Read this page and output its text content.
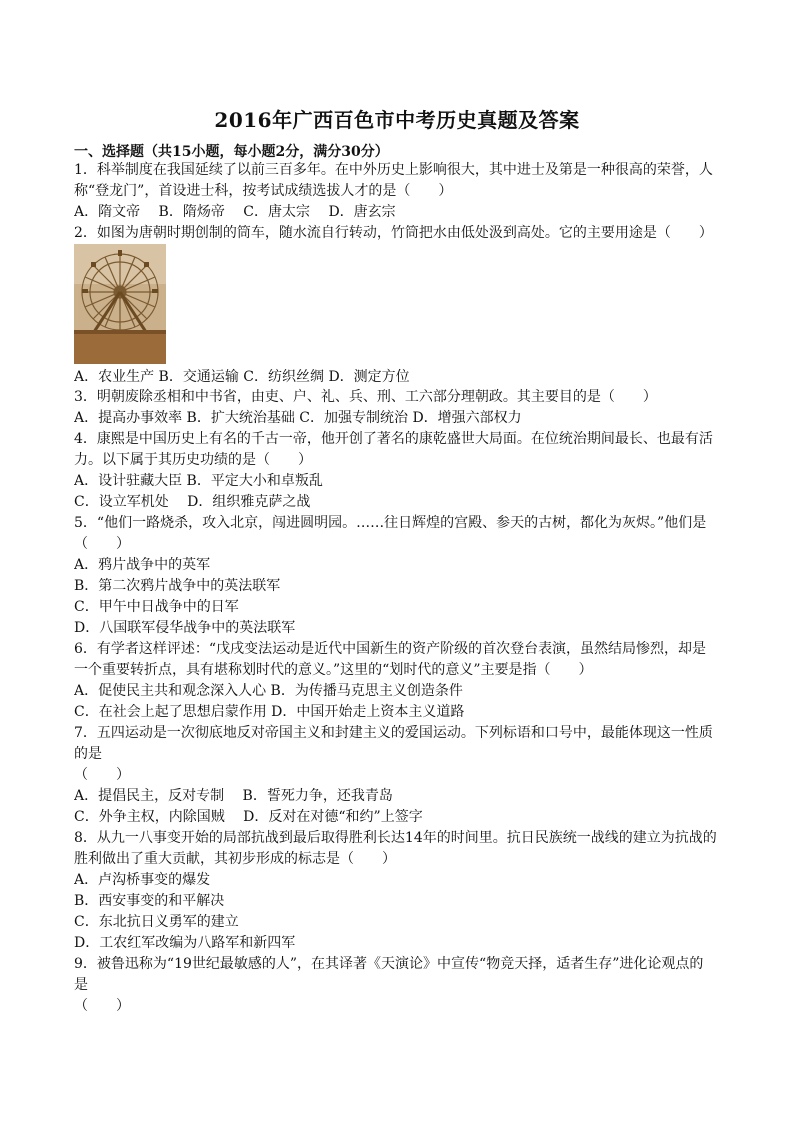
2016年广西百色市中考历史真题及答案
一、选择题（共15小题，每小题2分，满分30分）
1．科举制度在我国延续了以前三百多年。在中外历史上影响很大，其中进士及第是一种很高的荣誉，人
称“登龙门”，首设进士科，按考试成绩选拔人才的是（　　）
A．隋文帝　 B．隋炀帝　 C．唐太宗　 D．唐玄宗
2．如图为唐朝时期创制的筒车，随水流自行转动，竹筒把水由低处汲到高处。它的主要用途是（　　）
A．农业生产 B．交通运输 C．纺织丝绸 D．测定方位
3．明朝废除丞相和中书省，由吏、户、礼、兵、刑、工六部分理朝政。其主要目的是（　　）
A．提高办事效率 B．扩大统治基础 C．加强专制统治 D．增强六部权力
4．康熙是中国历史上有名的千古一帝，他开创了著名的康乾盛世大局面。在位统治期间最长、也最有活
力。以下属于其历史功绩的是（　　）
A．设计驻藏大臣 B．平定大小和卓叛乱
C．设立军机处　 D．组织雅克萨之战
5．“他们一路烧杀，攻入北京，闯进圆明园。……往日辉煌的宫殿、参天的古树，都化为灰烬。”他们是
（　　）
A．鸦片战争中的英军
B．第二次鸦片战争中的英法联军
C．甲午中日战争中的日军
D．八国联军侵华战争中的英法联军
6．有学者这样评述：“戊戌变法运动是近代中国新生的资产阶级的首次登台表演，虽然结局惨烈，却是
一个重要转折点，具有堪称划时代的意义。”这里的“划时代的意义”主要是指（　　）
A．促使民主共和观念深入人心 B．为传播马克思主义创造条件
C．在社会上起了思想启蒙作用 D．中国开始走上资本主义道路
7．五四运动是一次彻底地反对帝国主义和封建主义的爱国运动。下列标语和口号中，最能体现这一性质
的是
（　　）
A．提倡民主，反对专制　 B．誓死力争，还我青岛
C．外争主权，内除国贼　 D．反对在对德“和约”上签字
8．从九一八事变开始的局部抗战到最后取得胜利长达14年的时间里。抗日民族统一战线的建立为抗战的
胜利做出了重大贡献，其初步形成的标志是（　　）
A．卢沟桥事变的爆发
B．西安事变的和平解决
C．东北抗日义勇军的建立
D．工农红军改编为八路军和新四军
9．被鲁迅称为“19世纪最敏感的人”，在其译著《天演论》中宣传“物竞天择，适者生存”进化论观点的
是
（　　）
